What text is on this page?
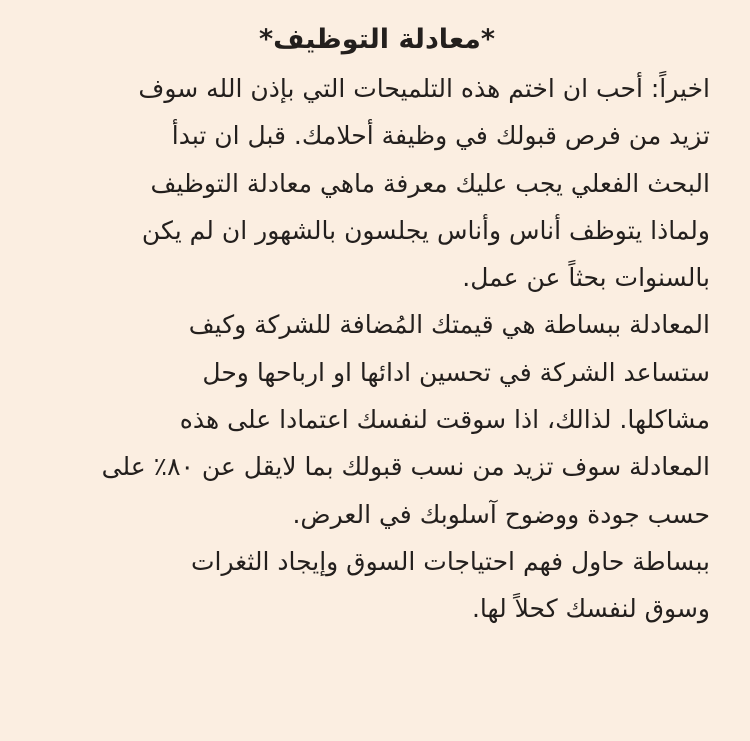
*معادلة التوظيف*
اخيراً: أحب ان اختم هذه التلميحات التي بإذن الله سوف
تزيد من فرص قبولك في وظيفة أحلامك. قبل ان تبدأ
البحث الفعلي يجب عليك معرفة ماهي معادلة التوظيف
ولماذا يتوظف أناس وأناس يجلسون بالشهور ان لم يكن
بالسنوات بحثاً عن عمل.
المعادلة ببساطة هي قيمتك المُضافة للشركة وكيف
ستساعد الشركة في تحسين ادائها او ارباحها وحل
مشاكلها. لذالك، اذا سوقت لنفسك اعتمادا على هذه
المعادلة سوف تزيد من نسب قبولك بما لايقل عن ٨٠٪ على
حسب جودة ووضوح آسلوبك في العرض.
ببساطة حاول فهم احتياجات السوق وإيجاد الثغرات
وسوق لنفسك كحلاً لها.
